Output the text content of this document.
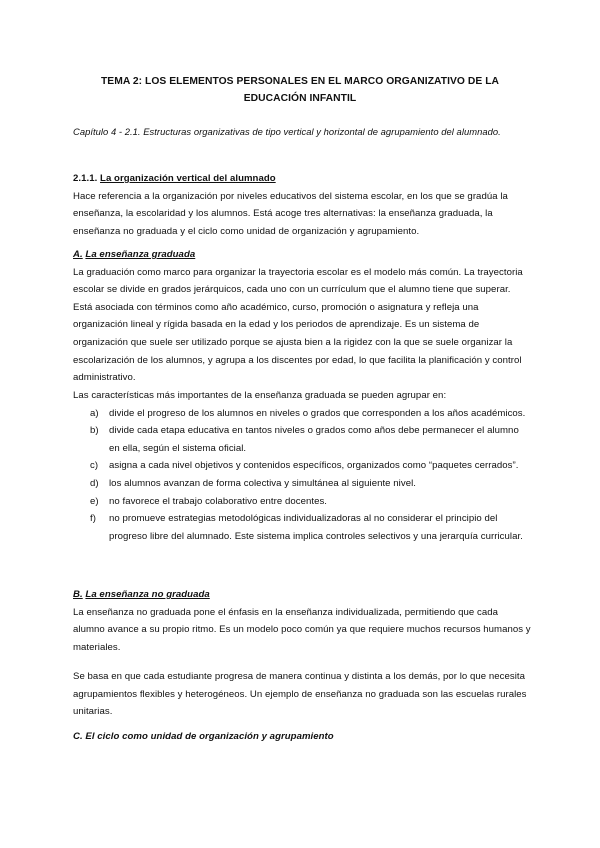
TEMA 2: LOS ELEMENTOS PERSONALES EN EL MARCO ORGANIZATIVO DE LA EDUCACIÓN INFANTIL
Capítulo 4 - 2.1. Estructuras organizativas de tipo vertical y horizontal de agrupamiento del alumnado.
2.1.1. La organización vertical del alumnado
Hace referencia a la organización por niveles educativos del sistema escolar, en los que se gradúa la enseñanza, la escolaridad y los alumnos. Está acoge tres alternativas: la enseñanza graduada, la enseñanza no graduada y el ciclo como unidad de organización y agrupamiento.
A. La enseñanza graduada
La graduación como marco para organizar la trayectoria escolar es el modelo más común. La trayectoria escolar se divide en grados jerárquicos, cada uno con un currículum que el alumno tiene que superar. Está asociada con términos como año académico, curso, promoción o asignatura y refleja una organización lineal y rígida basada en la edad y los periodos de aprendizaje. Es un sistema de organización que suele ser utilizado porque se ajusta bien a la rigidez con la que se suele organizar la escolarización de los alumnos, y agrupa a los discentes por edad, lo que facilita la planificación y control administrativo.
Las características más importantes de la enseñanza graduada se pueden agrupar en:
a) divide el progreso de los alumnos en niveles o grados que corresponden a los años académicos.
b) divide cada etapa educativa en tantos niveles o grados como años debe permanecer el alumno en ella, según el sistema oficial.
c) asigna a cada nivel objetivos y contenidos específicos, organizados como “paquetes cerrados”.
d) los alumnos avanzan de forma colectiva y simultánea al siguiente nivel.
e) no favorece el trabajo colaborativo entre docentes.
f) no promueve estrategias metodológicas individualizadoras al no considerar el principio del progreso libre del alumnado. Este sistema implica controles selectivos y una jerarquía curricular.
B. La enseñanza no graduada
La enseñanza no graduada pone el énfasis en la enseñanza individualizada, permitiendo que cada alumno avance a su propio ritmo. Es un modelo poco común ya que requiere muchos recursos humanos y materiales.
Se basa en que cada estudiante progresa de manera continua y distinta a los demás, por lo que necesita agrupamientos flexibles y heterogéneos. Un ejemplo de enseñanza no graduada son las escuelas rurales unitarias.
C. El ciclo como unidad de organización y agrupamiento
